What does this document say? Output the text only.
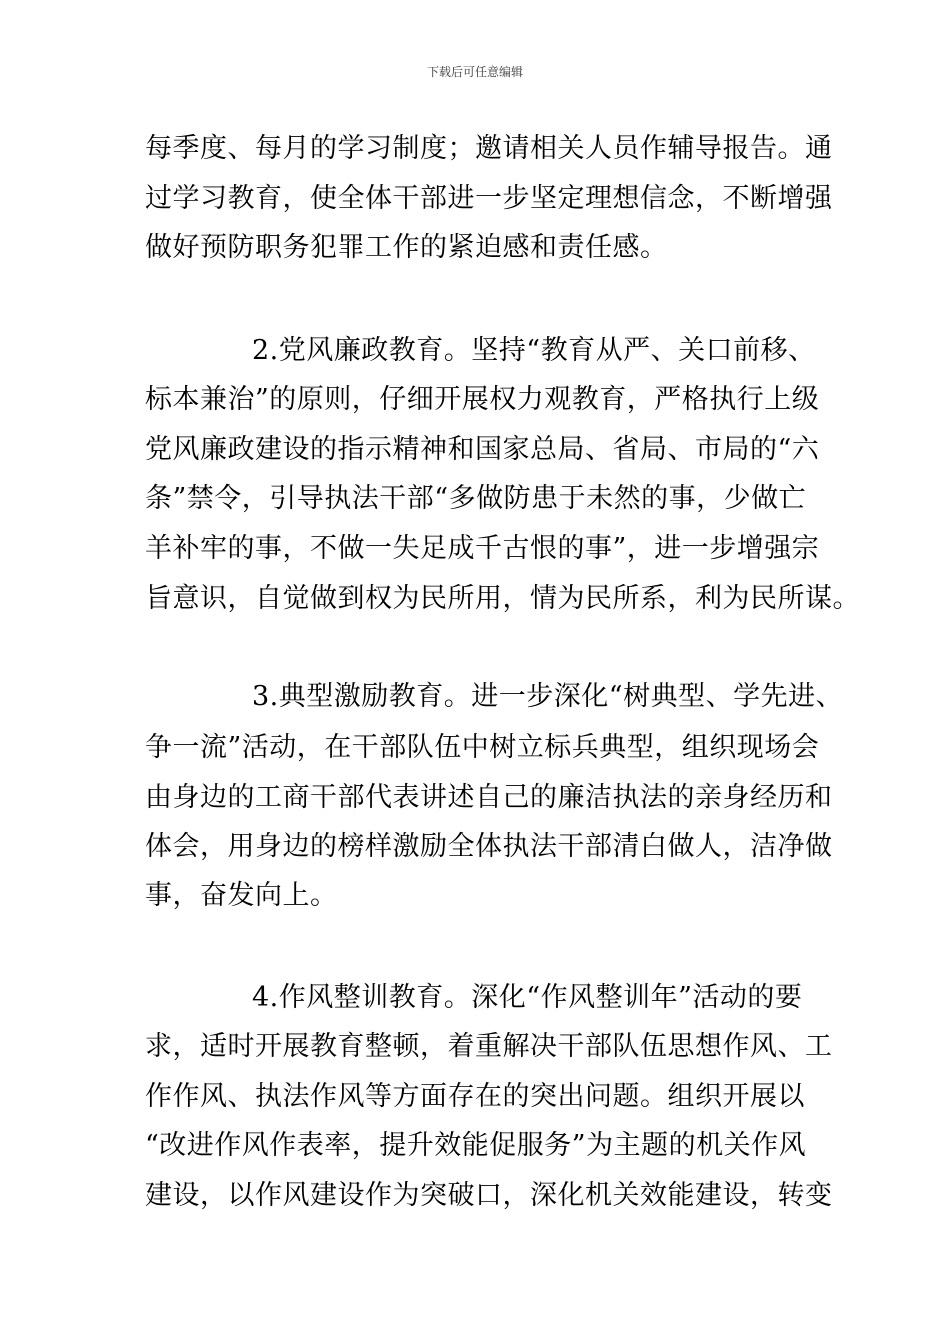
下载后可任意编辑
每季度、每月的学习制度；邀请相关人员作辅导报告。通
过学习教育，使全体干部进一步坚定理想信念，不断增强
做好预防职务犯罪工作的紧迫感和责任感。
2.党风廉政教育。坚持“教育从严、关口前移、
标本兼治”的原则，仔细开展权力观教育，严格执行上级
党风廉政建设的指示精神和国家总局、省局、市局的“六
条”禁令，引导执法干部“多做防患于未然的事，少做亡
羊补牢的事，不做一失足成千古恨的事”，进一步增强宗
旨意识，自觉做到权为民所用，情为民所系，利为民所谋。
3.典型激励教育。进一步深化“树典型、学先进、
争一流”活动，在干部队伍中树立标兵典型，组织现场会
由身边的工商干部代表讲述自己的廉洁执法的亲身经历和
体会，用身边的榜样激励全体执法干部清白做人，洁净做
事，奋发向上。
4.作风整训教育。深化“作风整训年”活动的要
求，适时开展教育整顿，着重解决干部队伍思想作风、工
作作风、执法作风等方面存在的突出问题。组织开展以
“改进作风作表率，提升效能促服务”为主题的机关作风
建设，以作风建设作为突破口，深化机关效能建设，转变
